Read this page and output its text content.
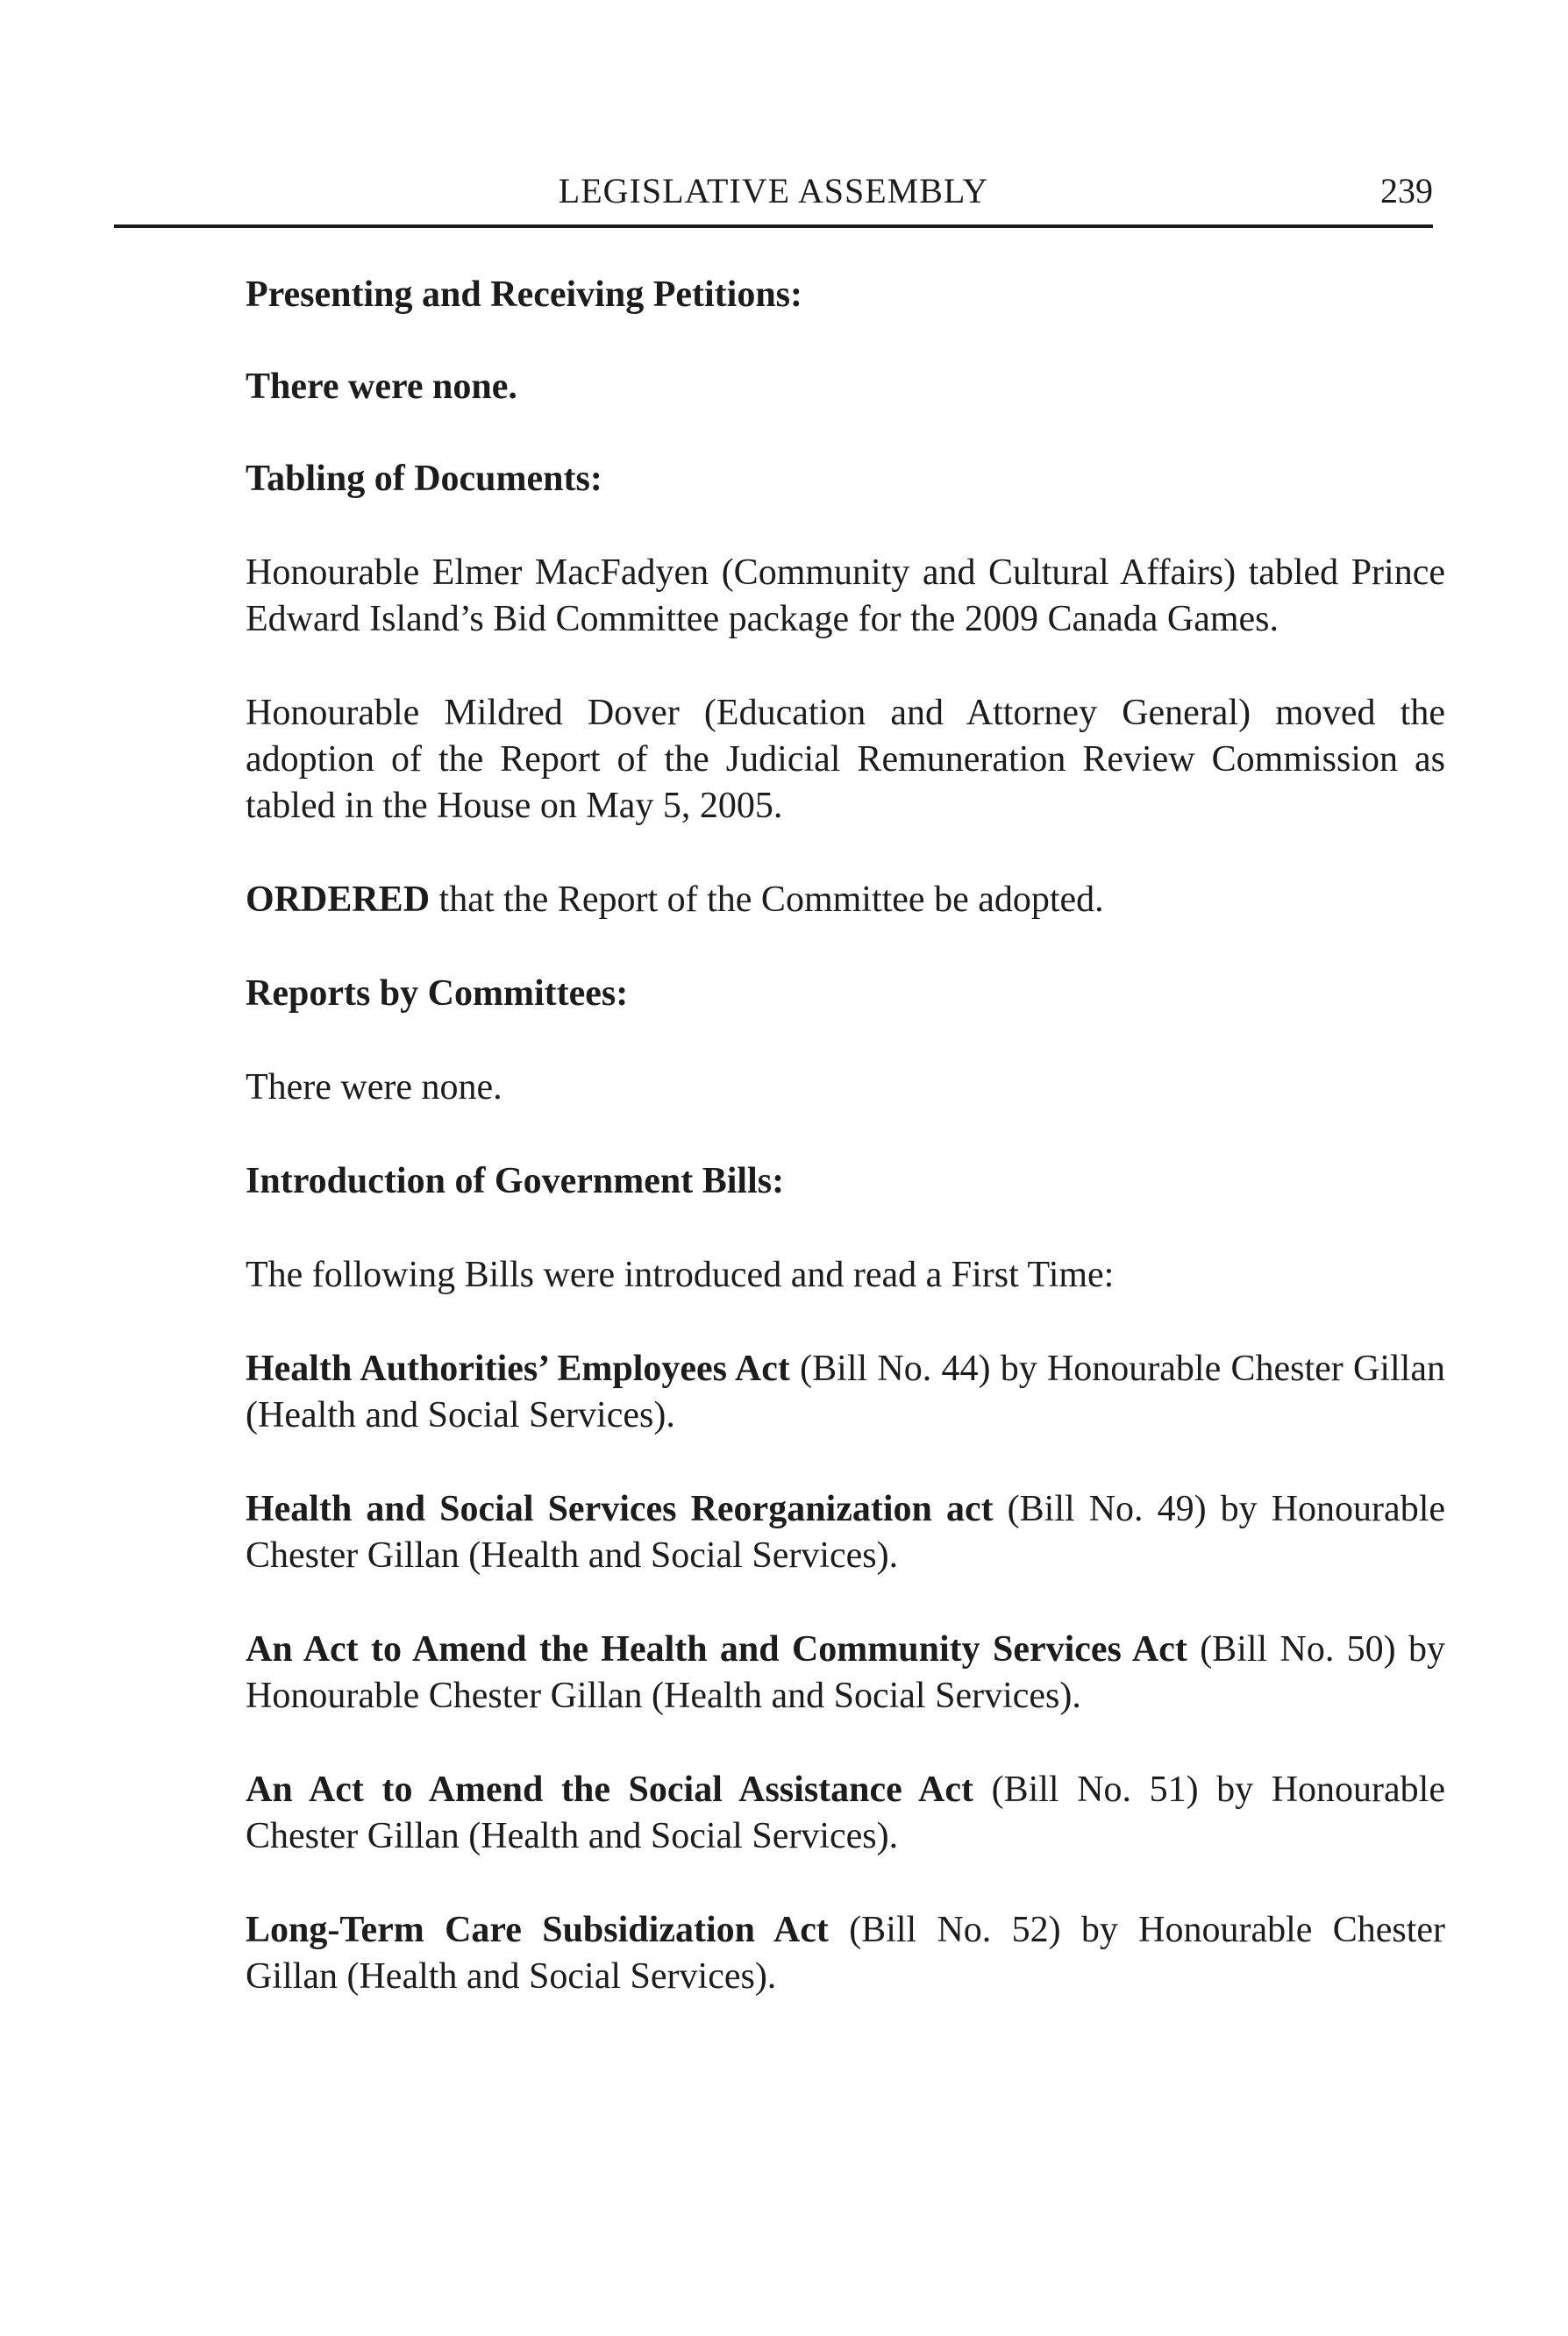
LEGISLATIVE ASSEMBLY	239

Presenting and Receiving Petitions:

There were none.

Tabling of Documents:

Honourable Elmer MacFadyen (Community and Cultural Affairs) tabled Prince Edward Island’s Bid Committee package for the 2009 Canada Games.

Honourable Mildred Dover (Education and Attorney General) moved the adoption of the Report of the Judicial Remuneration Review Commission as tabled in the House on May 5, 2005.

ORDERED that the Report of the Committee be adopted.

Reports by Committees:

There were none.

Introduction of Government Bills:

The following Bills were introduced and read a First Time:

Health Authorities’ Employees Act (Bill No. 44) by Honourable Chester Gillan (Health and Social Services).

Health and Social Services Reorganization act (Bill No. 49) by Honourable Chester Gillan (Health and Social Services).

An Act to Amend the Health and Community Services Act (Bill No. 50) by Honourable Chester Gillan (Health and Social Services).

An Act to Amend the Social Assistance Act (Bill No. 51) by Honourable Chester Gillan (Health and Social Services).

Long-Term Care Subsidization Act (Bill No. 52) by Honourable Chester Gillan (Health and Social Services).
